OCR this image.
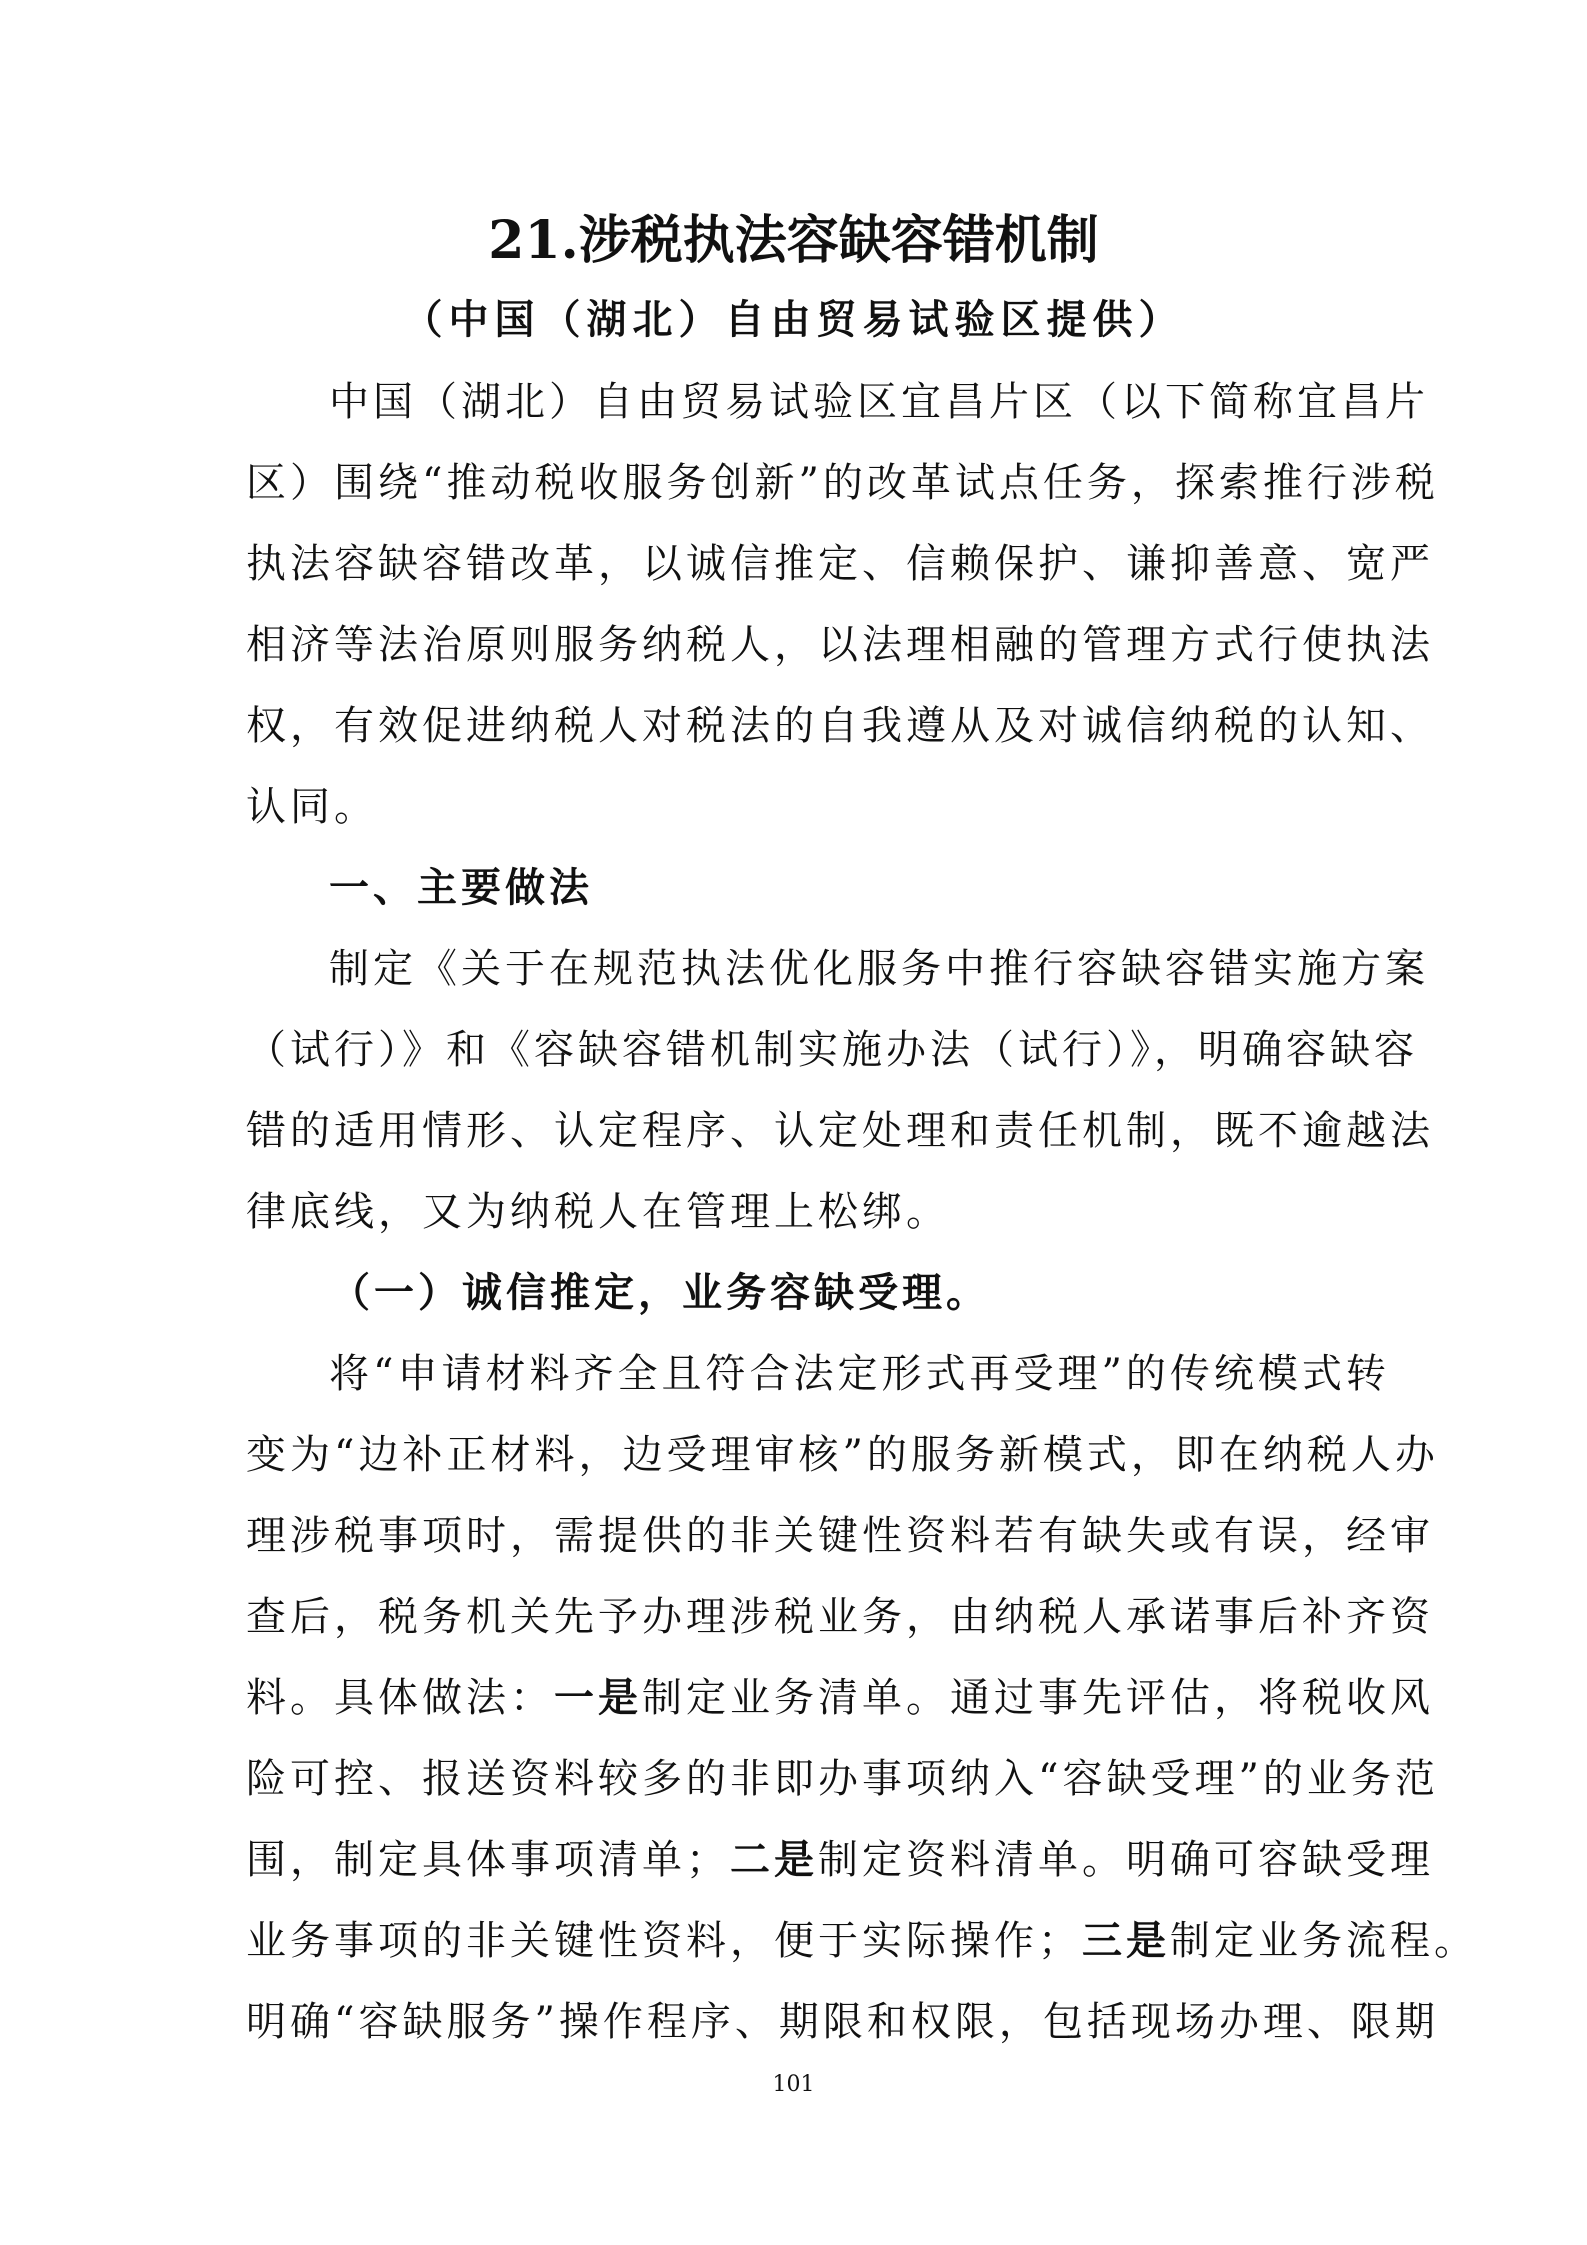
21.涉税执法容缺容错机制
（中国（湖北）自由贸易试验区提供）
中国（湖北）自由贸易试验区宜昌片区（以下简称宜昌片
区）围绕“推动税收服务创新”的改革试点任务，探索推行涉税
执法容缺容错改革，以诚信推定、信赖保护、谦抑善意、宽严
相济等法治原则服务纳税人，以法理相融的管理方式行使执法
权，有效促进纳税人对税法的自我遵从及对诚信纳税的认知、
认同。
一、主要做法
制定《关于在规范执法优化服务中推行容缺容错实施方案
（试行）》和《容缺容错机制实施办法（试行）》，明确容缺容
错的适用情形、认定程序、认定处理和责任机制，既不逾越法
律底线，又为纳税人在管理上松绑。
（一）诚信推定，业务容缺受理。
将“申请材料齐全且符合法定形式再受理”的传统模式转
变为“边补正材料，边受理审核”的服务新模式，即在纳税人办
理涉税事项时，需提供的非关键性资料若有缺失或有误，经审
查后，税务机关先予办理涉税业务，由纳税人承诺事后补齐资
料。具体做法：一是制定业务清单。通过事先评估，将税收风
险可控、报送资料较多的非即办事项纳入“容缺受理”的业务范
围，制定具体事项清单；二是制定资料清单。明确可容缺受理
业务事项的非关键性资料，便于实际操作；三是制定业务流程。
明确“容缺服务”操作程序、期限和权限，包括现场办理、限期
101
